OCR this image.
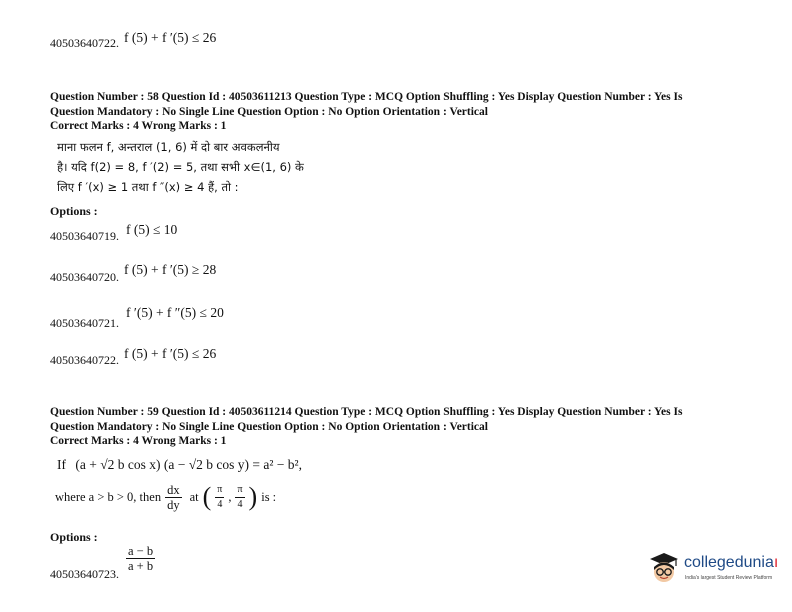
40503640722. f (5) + f ′(5) ≤ 26
Question Number : 58 Question Id : 40503611213 Question Type : MCQ Option Shuffling : Yes Display Question Number : Yes Is
Question Mandatory : No Single Line Question Option : No Option Orientation : Vertical
Correct Marks : 4 Wrong Marks : 1
माना फलन f, अन्तराल (1, 6) में दो बार अवकलनीय
है। यदि f(2) = 8, f ′(2) = 5, तथा सभी x∈(1, 6) के
लिए f ′(x) ≥ 1 तथा f ″(x) ≥ 4 हैं, तो :
Options :
40503640719. f (5) ≤ 10
40503640720. f (5) + f ′(5) ≥ 28
40503640721.
f ′(5) + f ″(5) ≤ 20
40503640722. f (5) + f ′(5) ≤ 26
Question Number : 59 Question Id : 40503611214 Question Type : MCQ Option Shuffling : Yes Display Question Number : Yes Is
Question Mandatory : No Single Line Question Option : No Option Orientation : Vertical
Correct Marks : 4 Wrong Marks : 1
If (a + √2 b cos x) (a − √2 b cos y) = a² − b²,
where a > b > 0, then $\frac{dx}{dy}$ at ( $\frac{\pi}{4}$ , $\frac{\pi}{4}$ ) is :
Options :
40503640723.
$\frac{a - b}{a + b}$	collegeduniaı
India's largest Student Review Platform
